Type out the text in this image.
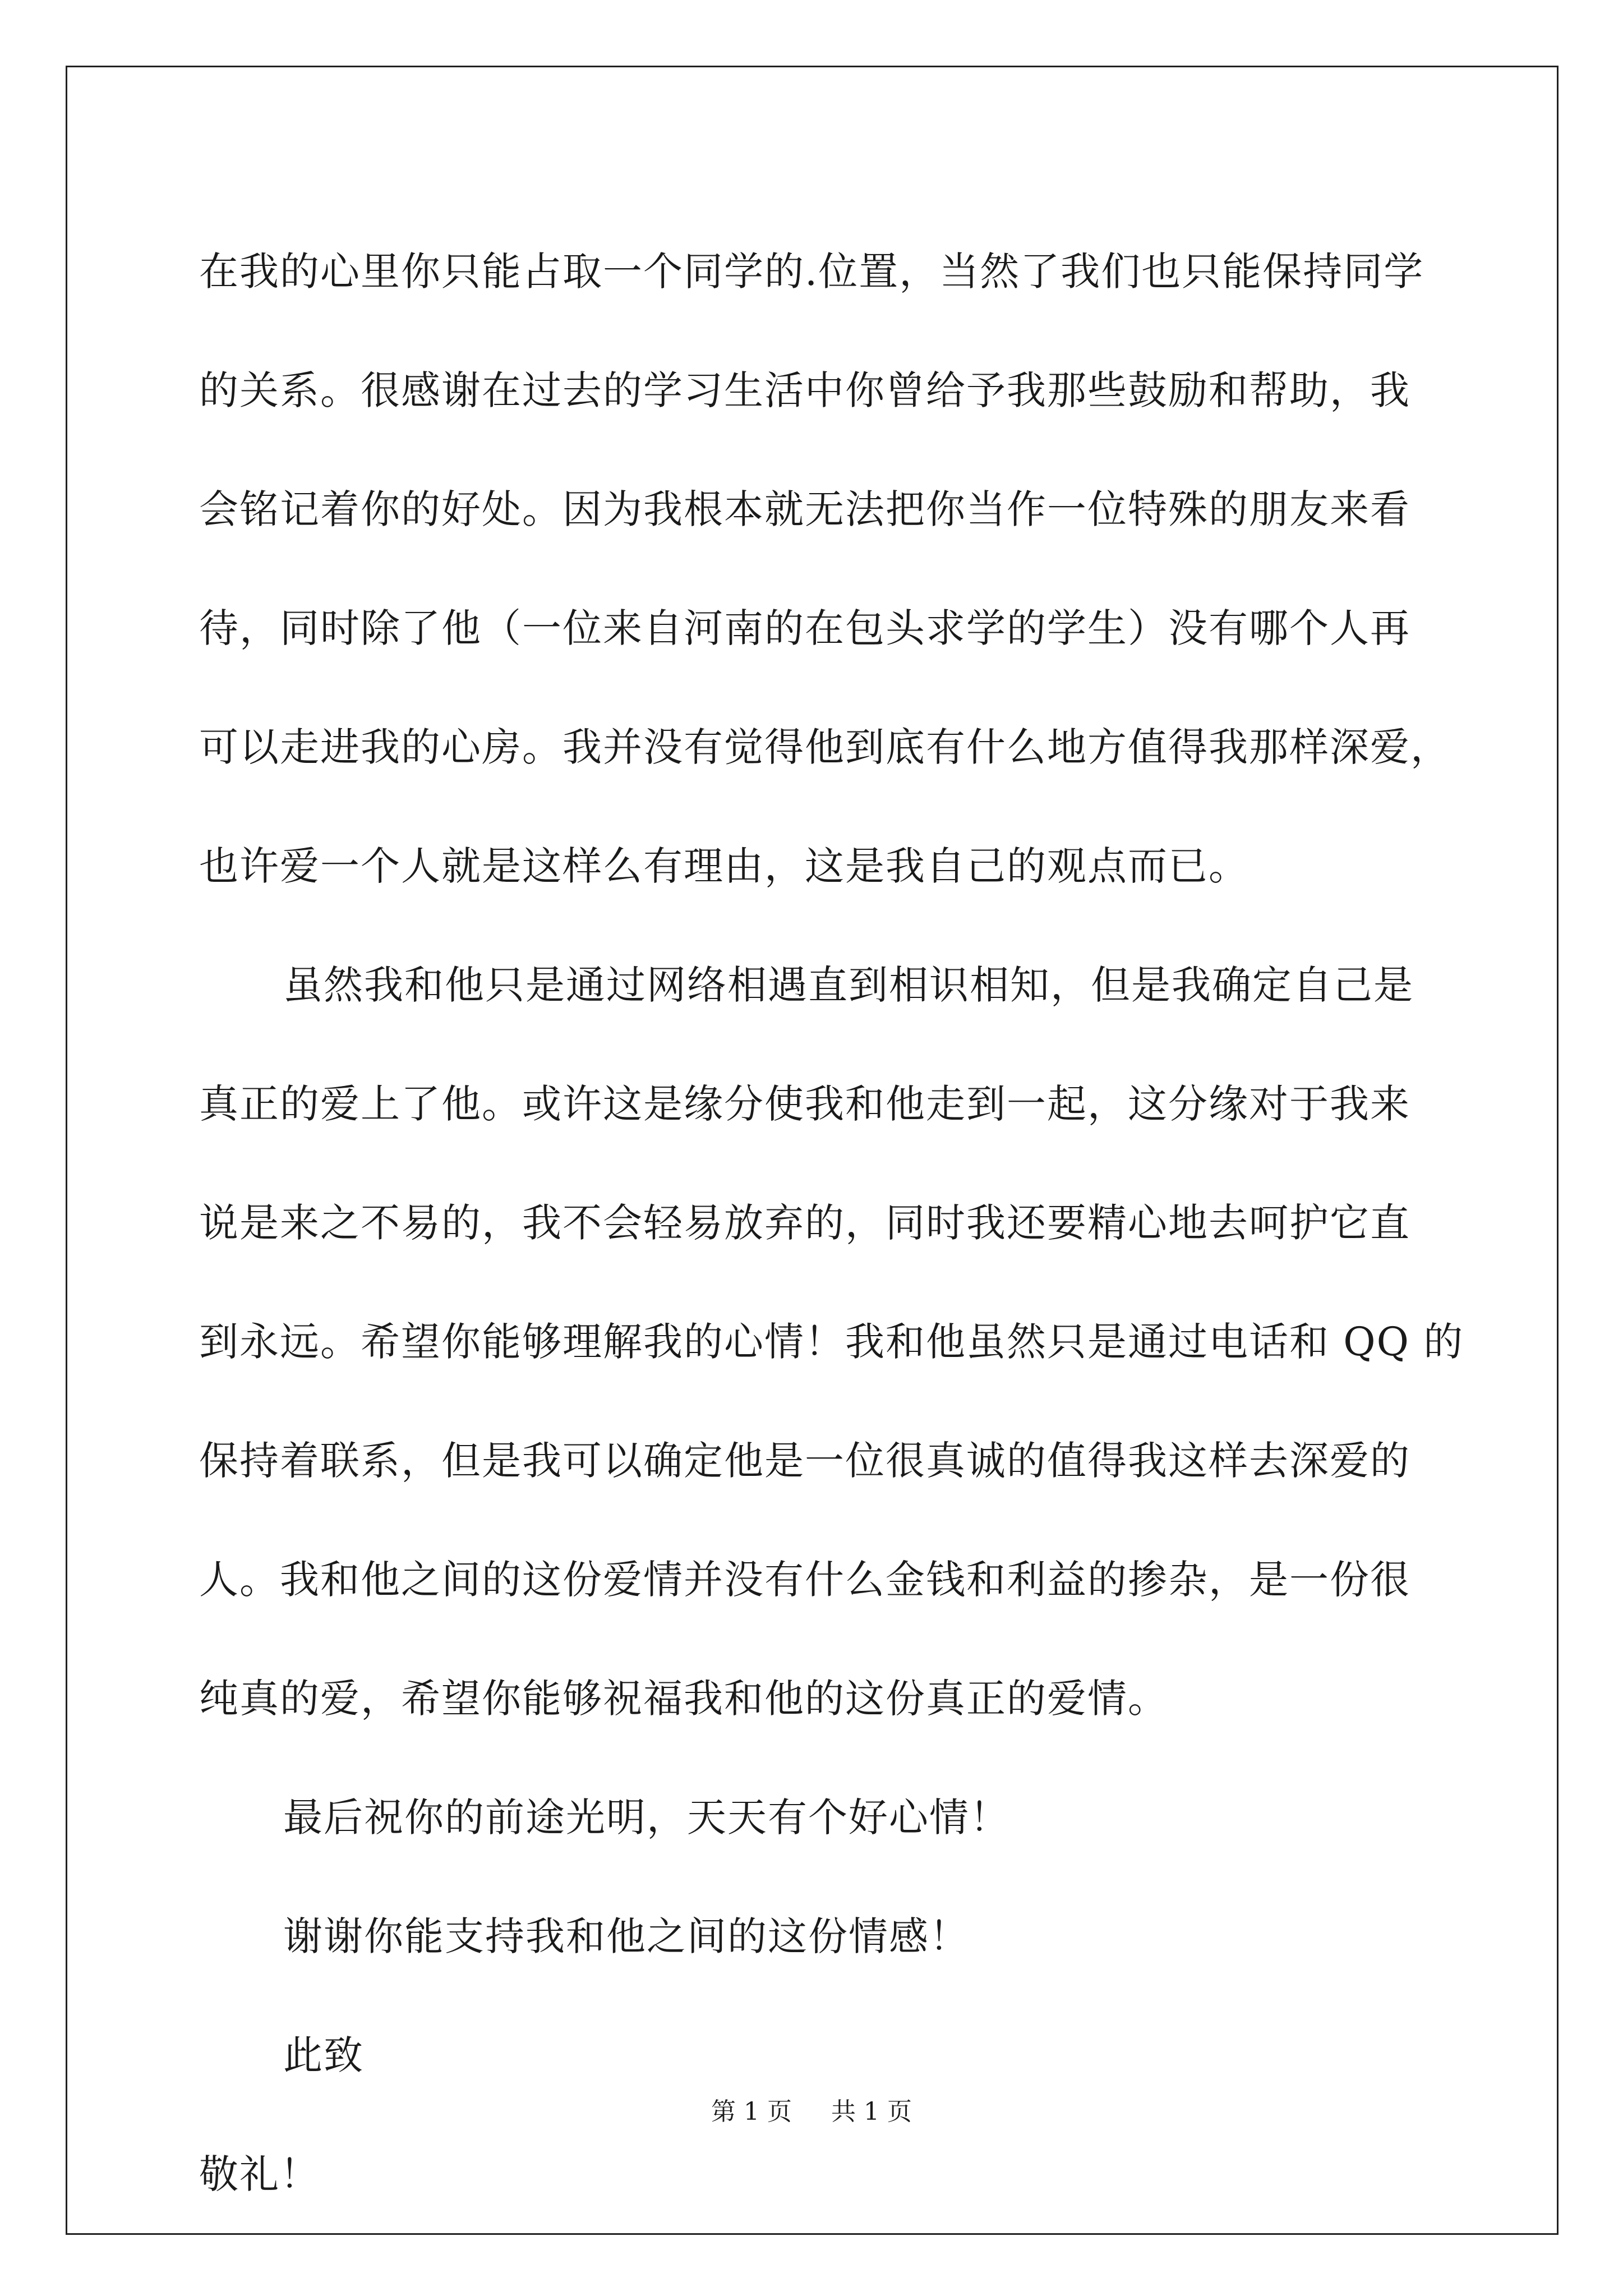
在我的心里你只能占取一个同学的.位置，当然了我们也只能保持同学
的关系。很感谢在过去的学习生活中你曾给予我那些鼓励和帮助，我
会铭记着你的好处。因为我根本就无法把你当作一位特殊的朋友来看
待，同时除了他（一位来自河南的在包头求学的学生）没有哪个人再
可以走进我的心房。我并没有觉得他到底有什么地方值得我那样深爱，
也许爱一个人就是这样么有理由，这是我自己的观点而已。
虽然我和他只是通过网络相遇直到相识相知，但是我确定自己是
真正的爱上了他。或许这是缘分使我和他走到一起，这分缘对于我来
说是来之不易的，我不会轻易放弃的，同时我还要精心地去呵护它直
到永远。希望你能够理解我的心情！我和他虽然只是通过电话和 QQ 的
保持着联系，但是我可以确定他是一位很真诚的值得我这样去深爱的
人。我和他之间的这份爱情并没有什么金钱和利益的掺杂，是一份很
纯真的爱，希望你能够祝福我和他的这份真正的爱情。
最后祝你的前途光明，天天有个好心情！
谢谢你能支持我和他之间的这份情感！
此致
敬礼！
第 1 页 共 1 页
